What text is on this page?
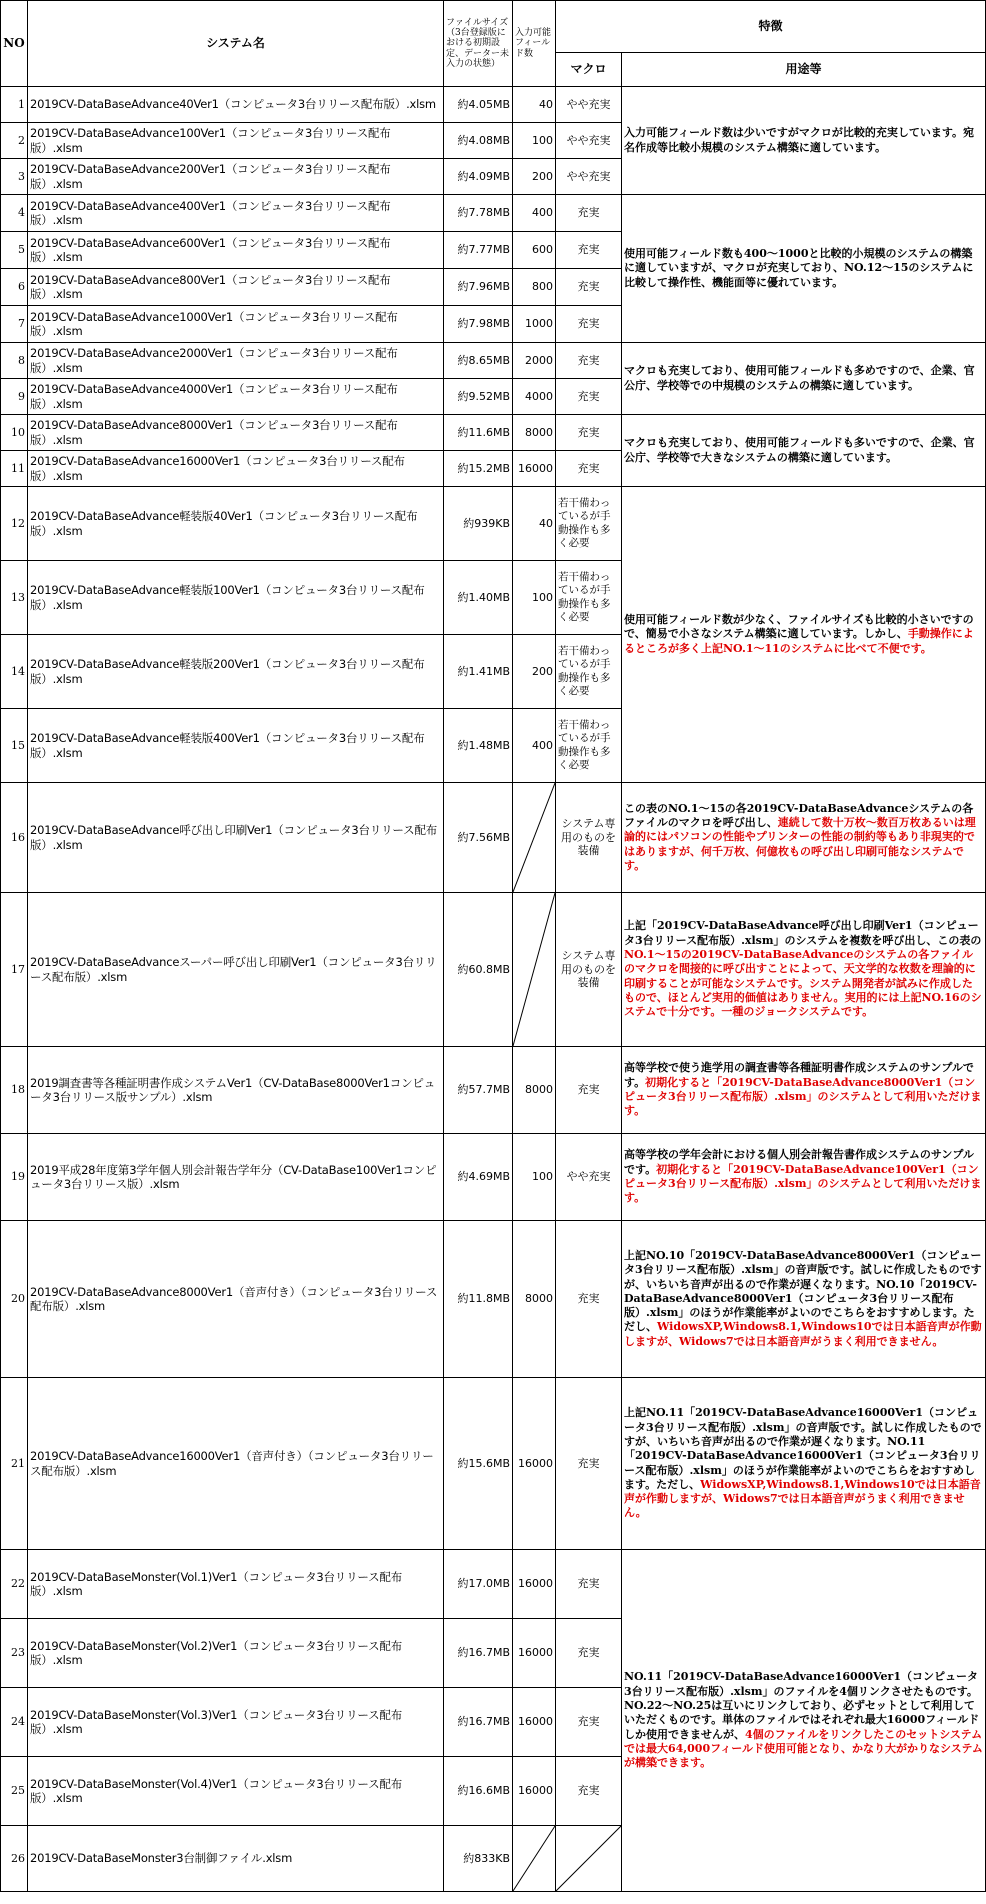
NO	システム名	ファイルサイズ（3台登録版における初期設定、データー未入力の状態）	入力可能フィールド数	特徴	
				マクロ	用途等
1	2019CV-DataBaseAdvance40Ver1（コンピュータ3台リリース配布版）.xlsm	約4.05MB	40	やや充実	入力可能フィールド数は少いですがマクロが比較的充実しています。宛名作成等比較小規模のシステム構築に適しています。
2	2019CV-DataBaseAdvance100Ver1（コンピュータ3台リリース配布版）.xlsm	約4.08MB	100	やや充実	
3	2019CV-DataBaseAdvance200Ver1（コンピュータ3台リリース配布版）.xlsm	約4.09MB	200	やや充実	
4	2019CV-DataBaseAdvance400Ver1（コンピュータ3台リリース配布版）.xlsm	約7.78MB	400	充実	使用可能フィールド数も400〜1000と比較的小規模のシステムの構築に適していますが、マクロが充実しており、NO.12〜15のシステムに比較して操作性、機能面等に優れています。
5	2019CV-DataBaseAdvance600Ver1（コンピュータ3台リリース配布版）.xlsm	約7.77MB	600	充実	
6	2019CV-DataBaseAdvance800Ver1（コンピュータ3台リリース配布版）.xlsm	約7.96MB	800	充実	
7	2019CV-DataBaseAdvance1000Ver1（コンピュータ3台リリース配布版）.xlsm	約7.98MB	1000	充実	
8	2019CV-DataBaseAdvance2000Ver1（コンピュータ3台リリース配布版）.xlsm	約8.65MB	2000	充実	マクロも充実しており、使用可能フィールドも多めですので、企業、官公庁、学校等での中規模のシステムの構築に適しています。
9	2019CV-DataBaseAdvance4000Ver1（コンピュータ3台リリース配布版）.xlsm	約9.52MB	4000	充実	
10	2019CV-DataBaseAdvance8000Ver1（コンピュータ3台リリース配布版）.xlsm	約11.6MB	8000	充実	マクロも充実しており、使用可能フィールドも多いですので、企業、官公庁、学校等で大きなシステムの構築に適しています。
11	2019CV-DataBaseAdvance16000Ver1（コンピュータ3台リリース配布版）.xlsm	約15.2MB	16000	充実	
12	2019CV-DataBaseAdvance軽装版40Ver1（コンピュータ3台リリース配布版）.xlsm	約939KB	40	若干備わっているが手動操作も多く必要	使用可能フィールド数が少なく、ファイルサイズも比較的小さいですので、簡易で小さなシステム構築に適しています。しかし、手動操作によるところが多く上記NO.1〜11のシステムに比べて不便です。
13	2019CV-DataBaseAdvance軽装版100Ver1（コンピュータ3台リリース配布版）.xlsm	約1.40MB	100	若干備わっているが手動操作も多く必要	
14	2019CV-DataBaseAdvance軽装版200Ver1（コンピュータ3台リリース配布版）.xlsm	約1.41MB	200	若干備わっているが手動操作も多く必要	
15	2019CV-DataBaseAdvance軽装版400Ver1（コンピュータ3台リリース配布版）.xlsm	約1.48MB	400	若干備わっているが手動操作も多く必要	
16	2019CV-DataBaseAdvance呼び出し印刷Ver1（コンピュータ3台リリース配布版）.xlsm	約7.56MB		システム専用のものを装備	この表のNO.1〜15の各2019CV-DataBaseAdvanceシステムの各ファイルのマクロを呼び出し、連続して数十万枚〜数百万枚あるいは理論的にはパソコンの性能やプリンターの性能の制約等もあり非現実的ではありますが、何千万枚、何億枚もの呼び出し印刷可能なシステムです。
17	2019CV-DataBaseAdvanceスーパー呼び出し印刷Ver1（コンピュータ3台リリース配布版）.xlsm	約60.8MB		システム専用のものを装備	上記「2019CV-DataBaseAdvance呼び出し印刷Ver1（コンピュータ3台リリース配布版）.xlsm」のシステムを複数を呼び出し、この表のNO.1〜15の2019CV-DataBaseAdvanceのシステムの各ファイルのマクロを間接的に呼び出すことによって、天文学的な枚数を理論的に印刷することが可能なシステムです。システム開発者が試みに作成したもので、ほとんど実用的価値はありません。実用的には上記NO.16のシステムで十分です。一種のジョークシステムです。
18	2019調査書等各種証明書作成システムVer1（CV-DataBase8000Ver1コンピュータ3台リリース版サンプル）.xlsm	約57.7MB	8000	充実	高等学校で使う進学用の調査書等各種証明書作成システムのサンプルです。初期化すると「2019CV-DataBaseAdvance8000Ver1（コンピュータ3台リリース配布版）.xlsm」のシステムとして利用いただけます。
19	2019平成28年度第3学年個人別会計報告学年分（CV-DataBase100Ver1コンピュータ3台リリース版）.xlsm	約4.69MB	100	やや充実	高等学校の学年会計における個人別会計報告書作成システムのサンプルです。初期化すると「2019CV-DataBaseAdvance100Ver1（コンピュータ3台リリース配布版）.xlsm」のシステムとして利用いただけます。
20	2019CV-DataBaseAdvance8000Ver1（音声付き）（コンピュータ3台リリース配布版）.xlsm	約11.8MB	8000	充実	上記NO.10「2019CV-DataBaseAdvance8000Ver1（コンピュータ3台リリース配布版）.xlsm」の音声版です。試しに作成したものですが、いちいち音声が出るので作業が遅くなります。NO.10「2019CV-DataBaseAdvance8000Ver1（コンピュータ3台リリース配布版）.xlsm」のほうが作業能率がよいのでこちらをおすすめします。ただし、WidowsXP,Windows8.1,Windows10では日本語音声が作動しますが、Widows7では日本語音声がうまく利用できません。
21	2019CV-DataBaseAdvance16000Ver1（音声付き）（コンピュータ3台リリース配布版）.xlsm	約15.6MB	16000	充実	上記NO.11「2019CV-DataBaseAdvance16000Ver1（コンピュータ3台リリース配布版）.xlsm」の音声版です。試しに作成したものですが、いちいち音声が出るので作業が遅くなります。NO.11「2019CV-DataBaseAdvance16000Ver1（コンピュータ3台リリース配布版）.xlsm」のほうが作業能率がよいのでこちらをおすすめします。ただし、WidowsXP,Windows8.1,Windows10では日本語音声が作動しますが、Widows7では日本語音声がうまく利用できません。
22	2019CV-DataBaseMonster(Vol.1)Ver1（コンピュータ3台リリース配布版）.xlsm	約17.0MB	16000	充実	NO.11「2019CV-DataBaseAdvance16000Ver1（コンピュータ3台リリース配布版）.xlsm」のファイルを4個リンクさせたものです。NO.22〜NO.25は互いにリンクしており、必ずセットとして利用していただくものです。単体のファイルではそれぞれ最大16000フィールドしか使用できませんが、4個のファイルをリンクしたこのセットシステムでは最大64,000フィールド使用可能となり、かなり大がかりなシステムが構築できます。
23	2019CV-DataBaseMonster(Vol.2)Ver1（コンピュータ3台リリース配布版）.xlsm	約16.7MB	16000	充実	
24	2019CV-DataBaseMonster(Vol.3)Ver1（コンピュータ3台リリース配布版）.xlsm	約16.7MB	16000	充実	
25	2019CV-DataBaseMonster(Vol.4)Ver1（コンピュータ3台リリース配布版）.xlsm	約16.6MB	16000	充実	
26	2019CV-DataBaseMonster3台制御ファイル.xlsm	約833KB	
